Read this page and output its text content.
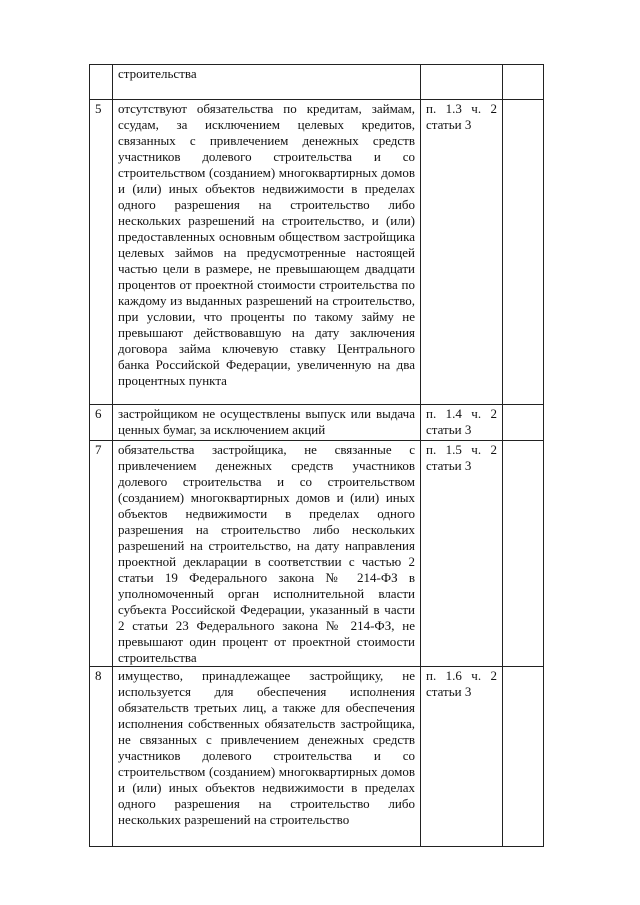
	строительства		
5	отсутствуют обязательства по кредитам, займам, ссудам, за исключением целевых кредитов, связанных с привлечением денежных средств участников долевого строительства и со строительством (созданием) многоквартирных домов и (или) иных объектов недвижимости в пределах одного разрешения на строительство либо нескольких разрешений на строительство, и (или) предоставленных основным обществом застройщика целевых займов на предусмотренные настоящей частью цели в размере, не превышающем двадцати процентов от проектной стоимости строительства по каждому из выданных разрешений на строительство, при условии, что проценты по такому займу не превышают действовавшую на дату заключения договора займа ключевую ставку Центрального банка Российской Федерации, увеличенную на два процентных пункта	п. 1.3 ч. 2 статьи 3	
6	застройщиком не осуществлены выпуск или выдача ценных бумаг, за исключением акций	п. 1.4 ч. 2 статьи 3	
7	обязательства застройщика, не связанные с привлечением денежных средств участников долевого строительства и со строительством (созданием) многоквартирных домов и (или) иных объектов недвижимости в пределах одного разрешения на строительство либо нескольких разрешений на строительство, на дату направления проектной декларации в соответствии с частью 2 статьи 19 Федерального закона № 214-ФЗ в уполномоченный орган исполнительной власти субъекта Российской Федерации, указанный в части 2 статьи 23 Федерального закона № 214-ФЗ, не превышают один процент от проектной стоимости строительства	п. 1.5 ч. 2 статьи 3	
8	имущество, принадлежащее застройщику, не используется для обеспечения исполнения обязательств третьих лиц, а также для обеспечения исполнения собственных обязательств застройщика, не связанных с привлечением денежных средств участников долевого строительства и со строительством (созданием) многоквартирных домов и (или) иных объектов недвижимости в пределах одного разрешения на строительство либо нескольких разрешений на строительство	п. 1.6 ч. 2 статьи 3	
